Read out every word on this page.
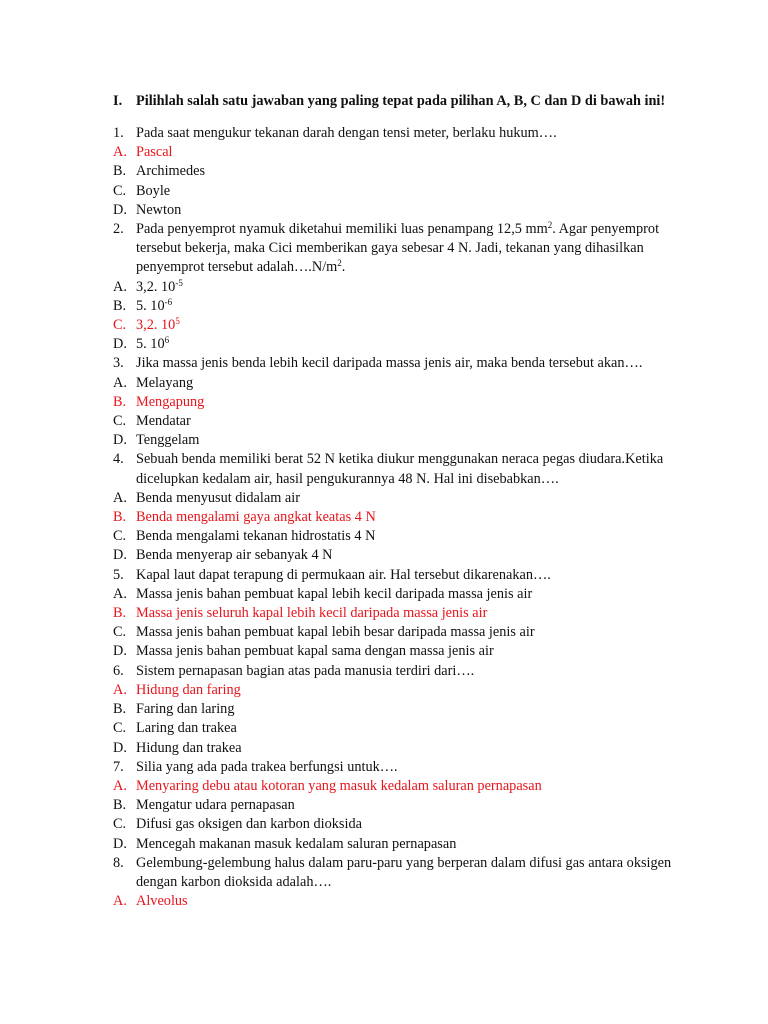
I. Pilihlah salah satu jawaban yang paling tepat pada pilihan A, B, C dan D di bawah ini!
1. Pada saat mengukur tekanan darah dengan tensi meter, berlaku hukum….
A. Pascal
B. Archimedes
C. Boyle
D. Newton
2. Pada penyemprot nyamuk diketahui memiliki luas penampang 12,5 $mm^2$. Agar penyemprot tersebut bekerja, maka Cici memberikan gaya sebesar 4 N. Jadi, tekanan yang dihasilkan penyemprot tersebut $adalah\dots.N/m^2$.
A. 3,2. $10^{-5}$
B. 5. $10^{-6}$
C. 3,2. $10^5$
D. 5. $10^6$
3. Jika massa jenis benda lebih kecil daripada massa jenis air, maka benda tersebut akan….
A. Melayang
B. Mengapung
C. Mendatar
D. Tenggelam
4. Sebuah benda memiliki berat 52 N ketika diukur menggunakan neraca pegas diudara.Ketika dicelupkan kedalam air, hasil pengukurannya 48 N. Hal ini disebabkan….
A. Benda menyusut didalam air
B. Benda mengalami gaya angkat keatas 4 N
C. Benda mengalami tekanan hidrostatis 4 N
D. Benda menyerap air sebanyak 4 N
5. Kapal laut dapat terapung di permukaan air. Hal tersebut dikarenakan….
A. Massa jenis bahan pembuat kapal lebih kecil daripada massa jenis air
B. Massa jenis seluruh kapal lebih kecil daripada massa jenis air
C. Massa jenis bahan pembuat kapal lebih besar daripada massa jenis air
D. Massa jenis bahan pembuat kapal sama dengan massa jenis air
6. Sistem pernapasan bagian atas pada manusia terdiri dari….
A. Hidung dan faring
B. Faring dan laring
C. Laring dan trakea
D. Hidung dan trakea
7. Silia yang ada pada trakea berfungsi untuk….
A. Menyaring debu atau kotoran yang masuk kedalam saluran pernapasan
B. Mengatur udara pernapasan
C. Difusi gas oksigen dan karbon dioksida
D. Mencegah makanan masuk kedalam saluran pernapasan
8. Gelembung-gelembung halus dalam paru-paru yang berperan dalam difusi gas antara oksigen dengan karbon dioksida adalah….
A. Alveolus
